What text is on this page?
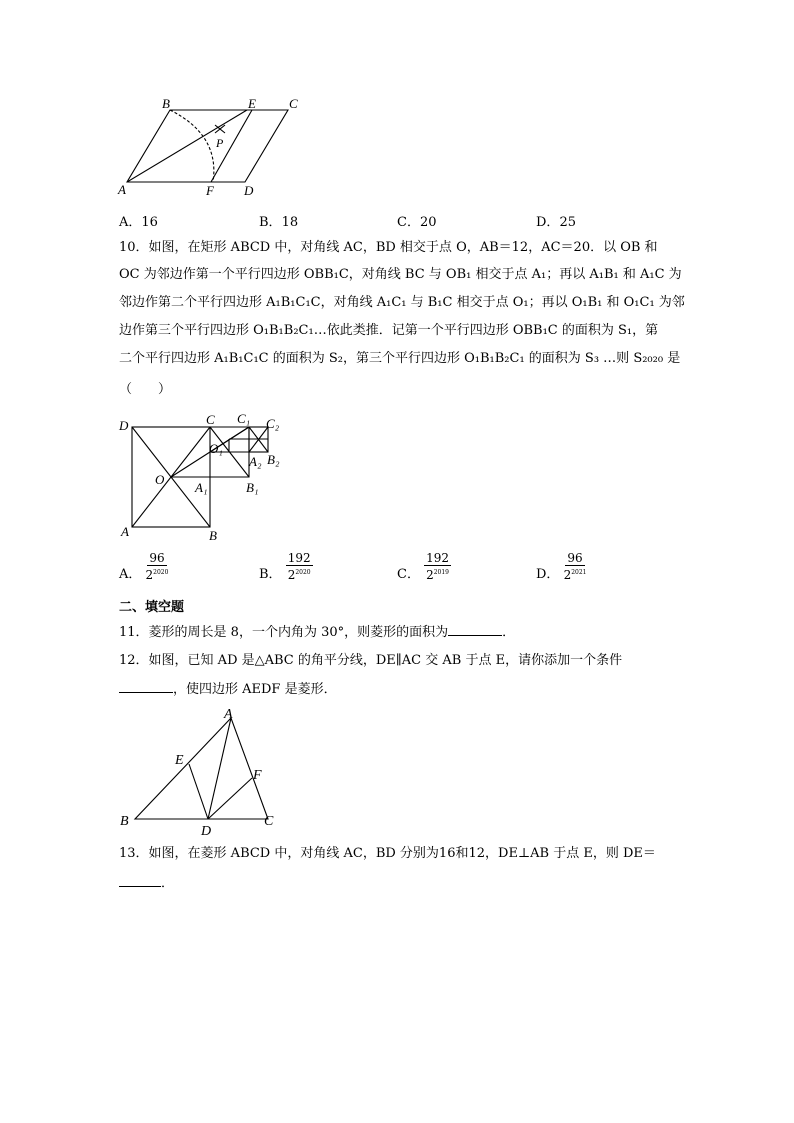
B	E	C
P
A	F D
A．16	B．18	C．20	D．25
10．如图，在矩形 ABCD 中，对角线 AC，BD 相交于点 O，AB＝12，AC＝20．以 OB 和
OC 为邻边作第一个平行四边形 OBB₁C，对角线 BC 与 OB₁ 相交于点 A₁；再以 A₁B₁ 和 A₁C 为
邻边作第二个平行四边形 A₁B₁C₁C，对角线 A₁C₁ 与 B₁C 相交于点 O₁；再以 O₁B₁ 和 O₁C₁ 为邻
边作第三个平行四边形 O₁B₁B₂C₁…依此类推．记第一个平行四边形 OBB₁C 的面积为 S₁，第
二个平行四边形 A₁B₁C₁C 的面积为 S₂，第三个平行四边形 O₁B₁B₂C₁ 的面积为 S₃ …则 S₂₀₂₀ 是
（　　）
D	C C₁ C₂
O₁
A₂ B₂
O
A₁	B₁
A	B
A． $\frac{96}{2^{2020}}$	B． $\frac{192}{2^{2020}}$	C． $\frac{192}{2^{2019}}$	D． $\frac{96}{2^{2021}}$
二、填空题
11．菱形的周长是 8，一个内角为 30°，则菱形的面积为	．
12．如图，已知 AD 是△ABC 的角平分线，DE∥AC 交 AB 于点 E，请你添加一个条件
，使四边形 AEDF 是菱形．
A
E
F
B
D
C
13．如图，在菱形 ABCD 中，对角线 AC，BD 分别为16和12，DE⊥AB 于点 E，则 DE＝
．
